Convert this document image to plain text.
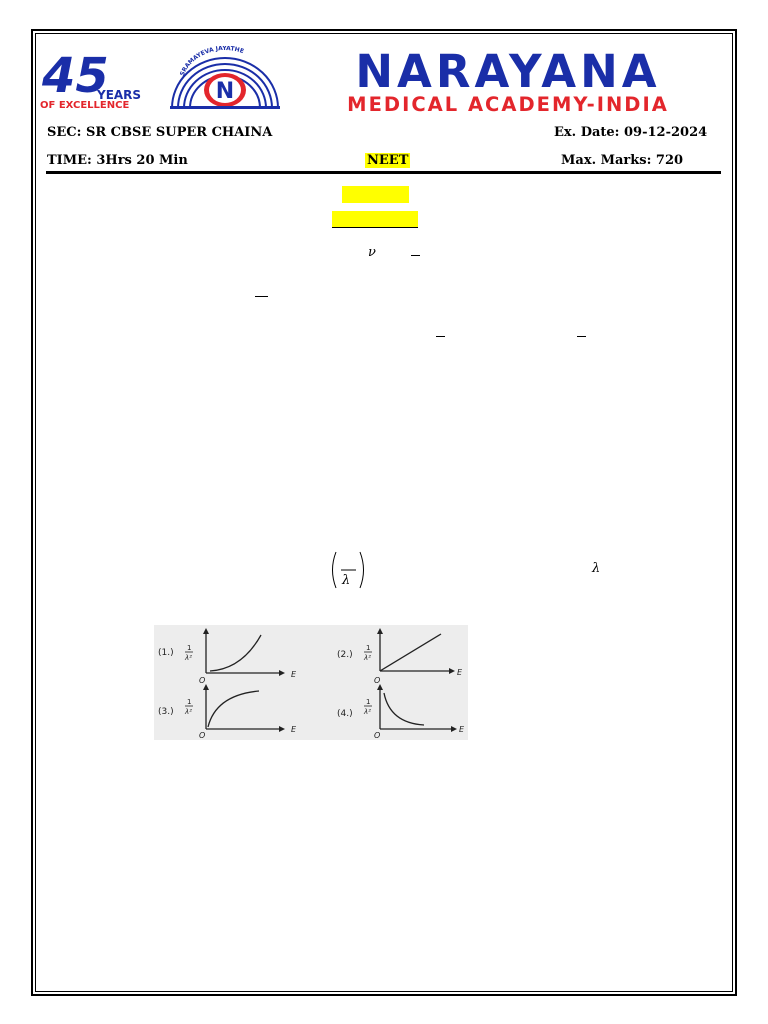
45
YEARS
OF EXCELLENCE
SRAMAYEVA JAYATHE
N	NARAYANA
MEDICAL ACADEMY-INDIA
SEC: SR CBSE SUPER CHAINA	Ex. Date: 09-12-2024
TIME: 3Hrs 20 Min	NEET	Max. Marks: 720
ν
λ
λ
(1.) 1
λ²
O
E
(2.)
1
λ²
O
E
(3.)
1
λ²
O
E
(4.)
1
λ²
O
E
